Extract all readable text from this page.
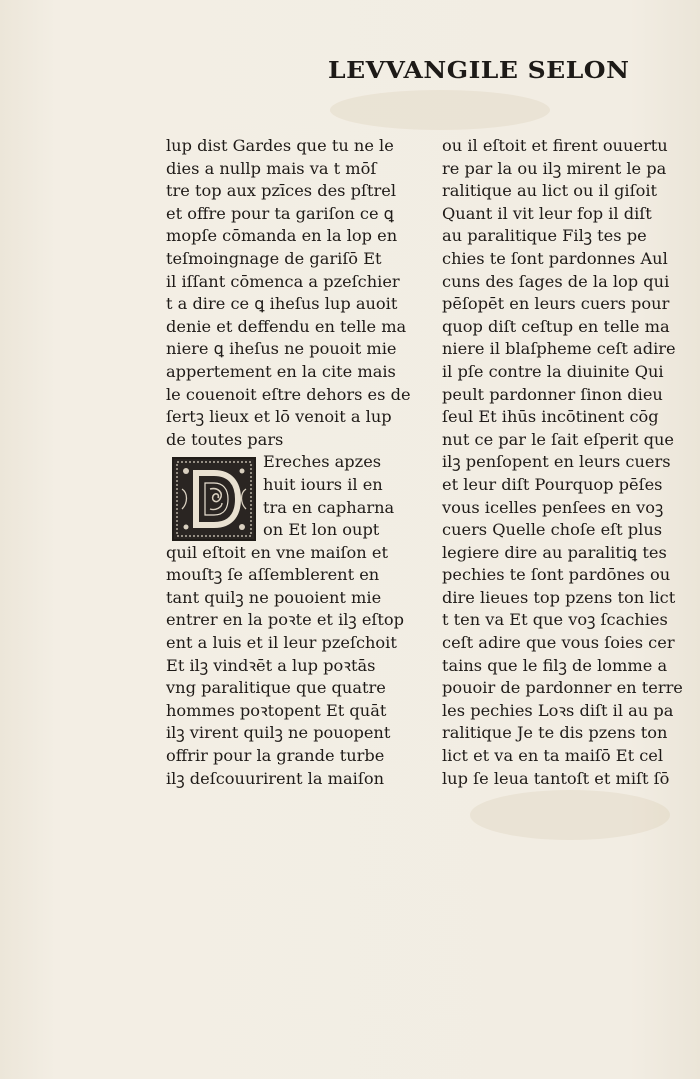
LEVVANGILE SELON
lup dist Gardes que tu ne le
dies a nullp mais va t mōſ
tre top aux pzīces des pſtrel
et offre pour ta gariſon ce ꝗ
mopſe cōmanda en la lop en
teſmoingnage de gariſō Et
il iſſant cōmenca a pzeſchier
t a dire ce ꝗ iheſus lup auoit
denie et deffendu en telle ma
niere ꝗ iheſus ne pouoit mie
appertement en la cite mais
le couenoit eſtre dehors es de
ſertꝫ lieux et lō venoit a lup
de toutes pars
Ereches apzes
huit iours il en
tra en capharna
on Et lon oupt
quil eſtoit en vne maiſon et
mouſtꝫ ſe aſſemblerent en
tant quilꝫ ne pouoient mie
entrer en la poꝛte et ilꝫ eſtop
ent a luis et il leur pzeſchoit
Et ilꝫ vindꝛēt a lup poꝛtās
vng paralitique que quatre
hommes poꝛtopent Et quāt
ilꝫ virent quilꝫ ne pouopent
offrir pour la grande turbe
ilꝫ deſcouurirent la maiſon
ou il eſtoit et firent ouuertu
re par la ou ilꝫ mirent le pa
ralitique au lict ou il giſoit
Quant il vit leur fop il diſt
au paralitique Filꝫ tes pe
chies te ſont pardonnes Aul
cuns des ſages de la lop qui
pēſopēt en leurs cuers pour
quop diſt ceſtup en telle ma
niere il blaſpheme ceſt adire
il pſe contre la diuinite Qui
peult pardonner ſinon dieu
ſeul Et ihūs incōtinent cōg
nut ce par le ſait eſperit que
ilꝫ penſopent en leurs cuers
et leur diſt Pourquop pēſes
vous icelles penſees en voꝫ
cuers Quelle choſe eſt plus
legiere dire au paralitiꝗ tes
pechies te ſont pardōnes ou
dire lieues top pzens ton lict
t ten va Et que voꝫ ſcachies
ceſt adire que vous ſoies cer
tains que le filꝫ de lomme a
pouoir de pardonner en terre
les pechies Loꝛs diſt il au pa
ralitique Je te dis pzens ton
lict et va en ta maiſō Et cel
lup ſe leua tantoſt et miſt ſō
